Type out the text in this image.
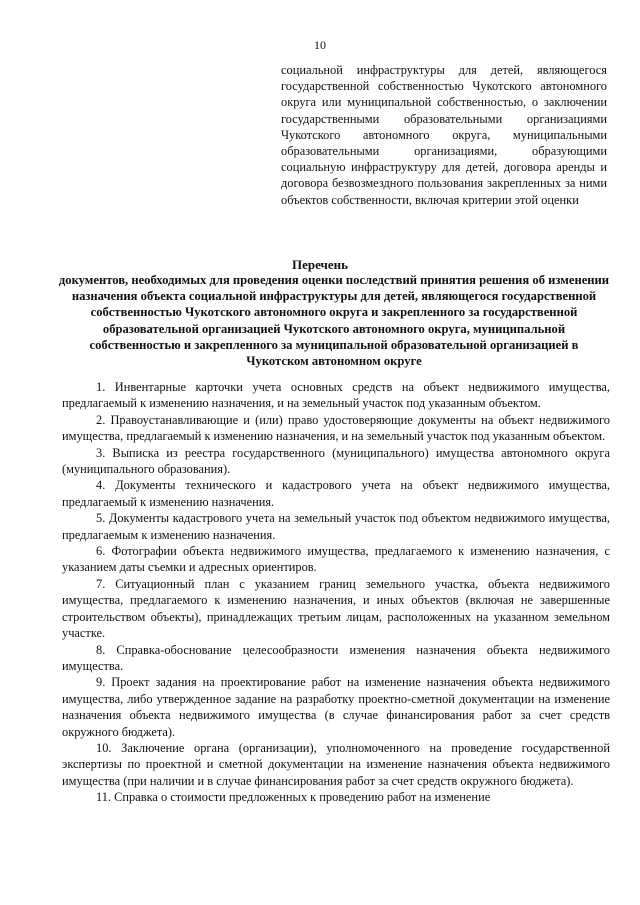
10
социальной инфраструктуры для детей, являющегося государственной собственностью Чукотского автономного округа или муниципальной собственностью, о заключении государственными образовательными организациями Чукотского автономного округа, муниципальными образовательными организациями, образующими социальную инфраструктуру для детей, договора аренды и договора безвозмездного пользования закрепленных за ними объектов собственности, включая критерии этой оценки
Перечень
документов, необходимых для проведения оценки последствий принятия решения об изменении назначения объекта социальной инфраструктуры для детей, являющегося государственной собственностью Чукотского автономного округа и закрепленного за государственной образовательной организацией Чукотского автономного округа, муниципальной собственностью и закрепленного за муниципальной образовательной организацией в Чукотском автономном округе

1. Инвентарные карточки учета основных средств на объект недвижимого имущества, предлагаемый к изменению назначения, и на земельный участок под указанным объектом.

2. Правоустанавливающие и (или) право удостоверяющие документы на объект недвижимого имущества, предлагаемый к изменению назначения, и на земельный участок под указанным объектом.

3. Выписка из реестра государственного (муниципального) имущества автономного округа (муниципального образования).

4. Документы технического и кадастрового учета на объект недвижимого имущества, предлагаемый к изменению назначения.

5. Документы кадастрового учета на земельный участок под объектом недвижимого имущества, предлагаемым к изменению назначения.

6. Фотографии объекта недвижимого имущества, предлагаемого к изменению назначения, с указанием даты съемки и адресных ориентиров.

7. Ситуационный план с указанием границ земельного участка, объекта недвижимого имущества, предлагаемого к изменению назначения, и иных объектов (включая не завершенные строительством объекты), принадлежащих третьим лицам, расположенных на указанном земельном участке.

8. Справка-обоснование целесообразности изменения назначения объекта недвижимого имущества.

9. Проект задания на проектирование работ на изменение назначения объекта недвижимого имущества, либо утвержденное задание на разработку проектно-сметной документации на изменение назначения объекта недвижимого имущества (в случае финансирования работ за счет средств окружного бюджета).

10. Заключение органа (организации), уполномоченного на проведение государственной экспертизы по проектной и сметной документации на изменение назначения объекта недвижимого имущества (при наличии и в случае финансирования работ за счет средств окружного бюджета).

11. Справка о стоимости предложенных к проведению работ на изменение
